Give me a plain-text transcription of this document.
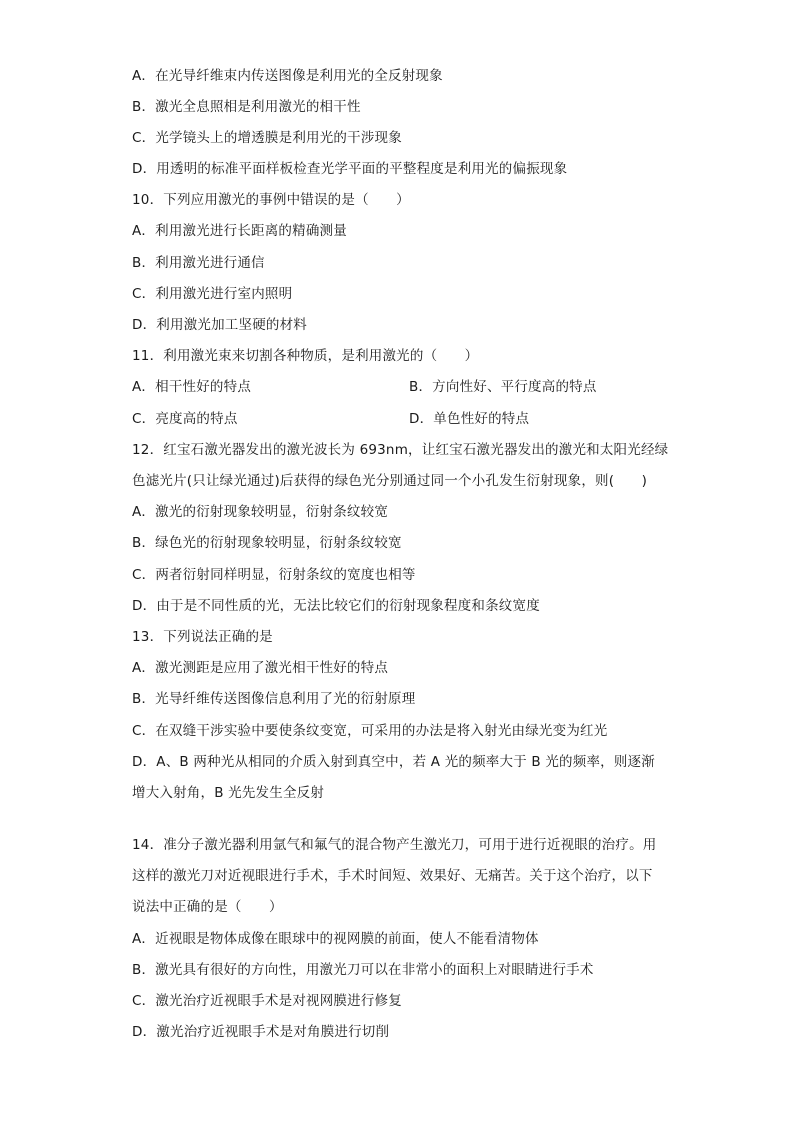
A．在光导纤维束内传送图像是利用光的全反射现象
B．激光全息照相是利用激光的相干性
C．光学镜头上的增透膜是利用光的干涉现象
D．用透明的标准平面样板检查光学平面的平整程度是利用光的偏振现象
10．下列应用激光的事例中错误的是（　　）
A．利用激光进行长距离的精确测量
B．利用激光进行通信
C．利用激光进行室内照明
D．利用激光加工坚硬的材料
11．利用激光束来切割各种物质，是利用激光的（　　）
A．相干性好的特点	B．方向性好、平行度高的特点
C．亮度高的特点	D．单色性好的特点
12．红宝石激光器发出的激光波长为 693nm，让红宝石激光器发出的激光和太阳光经绿
色滤光片(只让绿光通过)后获得的绿色光分别通过同一个小孔发生衍射现象，则(　　)
A．激光的衍射现象较明显，衍射条纹较宽
B．绿色光的衍射现象较明显，衍射条纹较宽
C．两者衍射同样明显，衍射条纹的宽度也相等
D．由于是不同性质的光，无法比较它们的衍射现象程度和条纹宽度
13．下列说法正确的是
A．激光测距是应用了激光相干性好的特点
B．光导纤维传送图像信息利用了光的衍射原理
C．在双缝干涉实验中要使条纹变宽，可采用的办法是将入射光由绿光变为红光
D．A、B 两种光从相同的介质入射到真空中，若 A 光的频率大于 B 光的频率，则逐渐
增大入射角，B 光先发生全反射
14．准分子激光器利用氩气和氟气的混合物产生激光刀，可用于进行近视眼的治疗。用
这样的激光刀对近视眼进行手术，手术时间短、效果好、无痛苦。关于这个治疗，以下
说法中正确的是（　　）
A．近视眼是物体成像在眼球中的视网膜的前面，使人不能看清物体
B．激光具有很好的方向性，用激光刀可以在非常小的面积上对眼睛进行手术
C．激光治疗近视眼手术是对视网膜进行修复
D．激光治疗近视眼手术是对角膜进行切削
